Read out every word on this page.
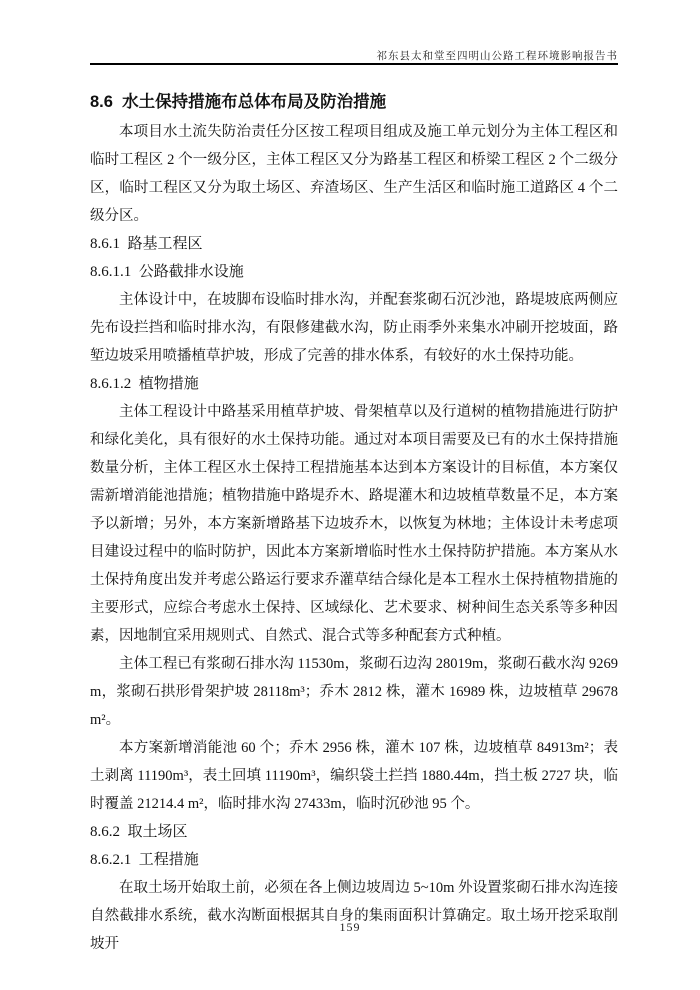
祁东县太和堂至四明山公路工程环境影响报告书
8.6  水土保持措施布总体布局及防治措施

本项目水土流失防治责任分区按工程项目组成及施工单元划分为主体工程区和临时工程区 2 个一级分区，主体工程区又分为路基工程区和桥梁工程区 2 个二级分区，临时工程区又分为取土场区、弃渣场区、生产生活区和临时施工道路区 4 个二级分区。

8.6.1  路基工程区
8.6.1.1  公路截排水设施

主体设计中，在坡脚布设临时排水沟，并配套浆砌石沉沙池，路堤坡底两侧应先布设拦挡和临时排水沟，有限修建截水沟，防止雨季外来集水冲刷开挖坡面，路堑边坡采用喷播植草护坡，形成了完善的排水体系，有较好的水土保持功能。

8.6.1.2  植物措施

主体工程设计中路基采用植草护坡、骨架植草以及行道树的植物措施进行防护和绿化美化，具有很好的水土保持功能。通过对本项目需要及已有的水土保持措施数量分析，主体工程区水土保持工程措施基本达到本方案设计的目标值，本方案仅需新增消能池措施；植物措施中路堤乔木、路堤灌木和边坡植草数量不足，本方案予以新增；另外，本方案新增路基下边坡乔木，以恢复为林地；主体设计未考虑项目建设过程中的临时防护，因此本方案新增临时性水土保持防护措施。本方案从水土保持角度出发并考虑公路运行要求乔灌草结合绿化是本工程水土保持植物措施的主要形式，应综合考虑水土保持、区域绿化、艺术要求、树种间生态关系等多种因素，因地制宜采用规则式、自然式、混合式等多种配套方式种植。

主体工程已有浆砌石排水沟 11530m，浆砌石边沟 28019m，浆砌石截水沟 9269m，浆砌石拱形骨架护坡 28118m³；乔木 2812 株，灌木 16989 株，边坡植草 29678m²。

本方案新增消能池 60 个；乔木 2956 株，灌木 107 株，边坡植草 84913m²；表土剥离 11190m³，表土回填 11190m³，编织袋土拦挡 1880.44m，挡土板 2727 块，临时覆盖 21214.4 m²，临时排水沟 27433m，临时沉砂池 95 个。

8.6.2  取土场区
8.6.2.1  工程措施

在取土场开始取土前，必须在各上侧边坡周边 5~10m 外设置浆砌石排水沟连接自然截排水系统，截水沟断面根据其自身的集雨面积计算确定。取土场开挖采取削坡开

159
